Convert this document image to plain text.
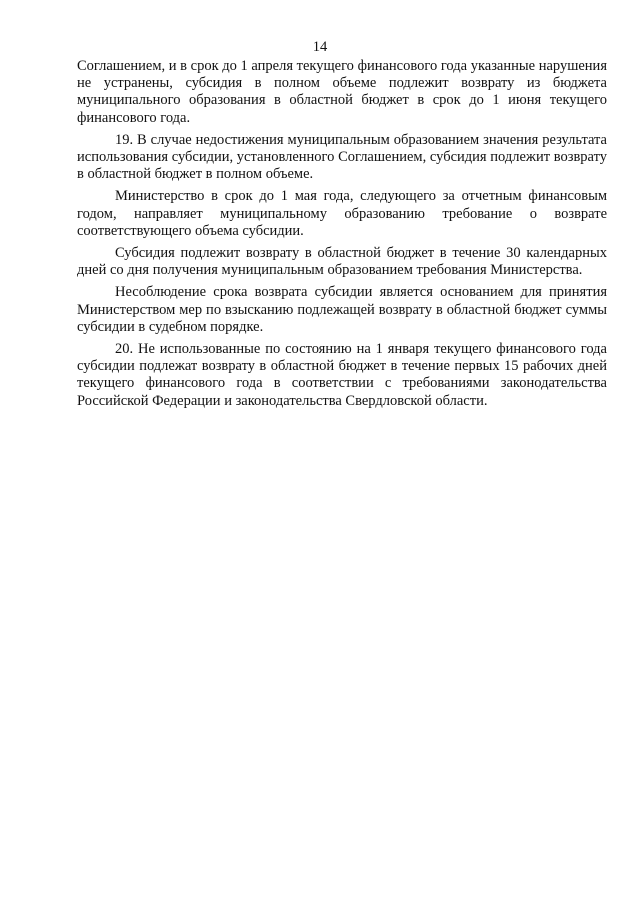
14

Соглашением, и в срок до 1 апреля текущего финансового года указанные нарушения не устранены, субсидия в полном объеме подлежит возврату из бюджета муниципального образования в областной бюджет в срок до 1 июня текущего финансового года.

19. В случае недостижения муниципальным образованием значения результата использования субсидии, установленного Соглашением, субсидия подлежит возврату в областной бюджет в полном объеме.

Министерство в срок до 1 мая года, следующего за отчетным финансовым годом, направляет муниципальному образованию требование о возврате соответствующего объема субсидии.

Субсидия подлежит возврату в областной бюджет в течение 30 календарных дней со дня получения муниципальным образованием требования Министерства.

Несоблюдение срока возврата субсидии является основанием для принятия Министерством мер по взысканию подлежащей возврату в областной бюджет суммы субсидии в судебном порядке.

20. Не использованные по состоянию на 1 января текущего финансового года субсидии подлежат возврату в областной бюджет в течение первых 15 рабочих дней текущего финансового года в соответствии с требованиями законодательства Российской Федерации и законодательства Свердловской области.
